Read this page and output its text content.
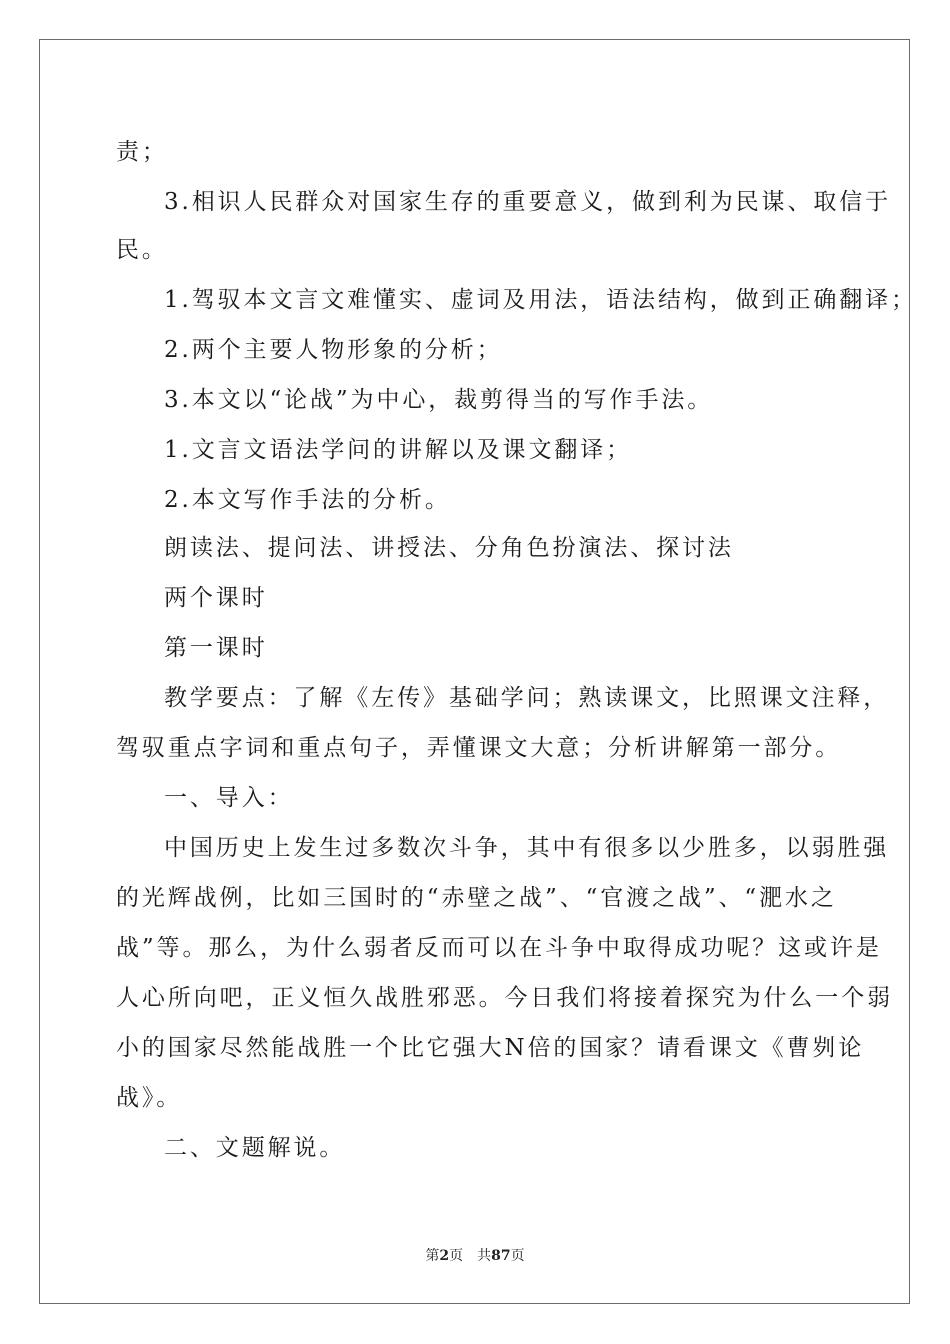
责；
3.相识人民群众对国家生存的重要意义，做到利为民谋、取信于
民。
1.驾驭本文言文难懂实、虚词及用法，语法结构，做到正确翻译；
2.两个主要人物形象的分析；
3.本文以“论战”为中心，裁剪得当的写作手法。
1.文言文语法学问的讲解以及课文翻译；
2.本文写作手法的分析。
朗读法、提问法、讲授法、分角色扮演法、探讨法
两个课时
第一课时
教学要点：了解《左传》基础学问；熟读课文，比照课文注释，
驾驭重点字词和重点句子，弄懂课文大意；分析讲解第一部分。
一、导入：
中国历史上发生过多数次斗争，其中有很多以少胜多，以弱胜强
的光辉战例，比如三国时的“赤壁之战”、“官渡之战”、“淝水之
战”等。那么，为什么弱者反而可以在斗争中取得成功呢？这或许是
人心所向吧，正义恒久战胜邪恶。今日我们将接着探究为什么一个弱
小的国家尽然能战胜一个比它强大N倍的国家？请看课文《曹刿论
战》。
二、文题解说。
第2页 共87页
